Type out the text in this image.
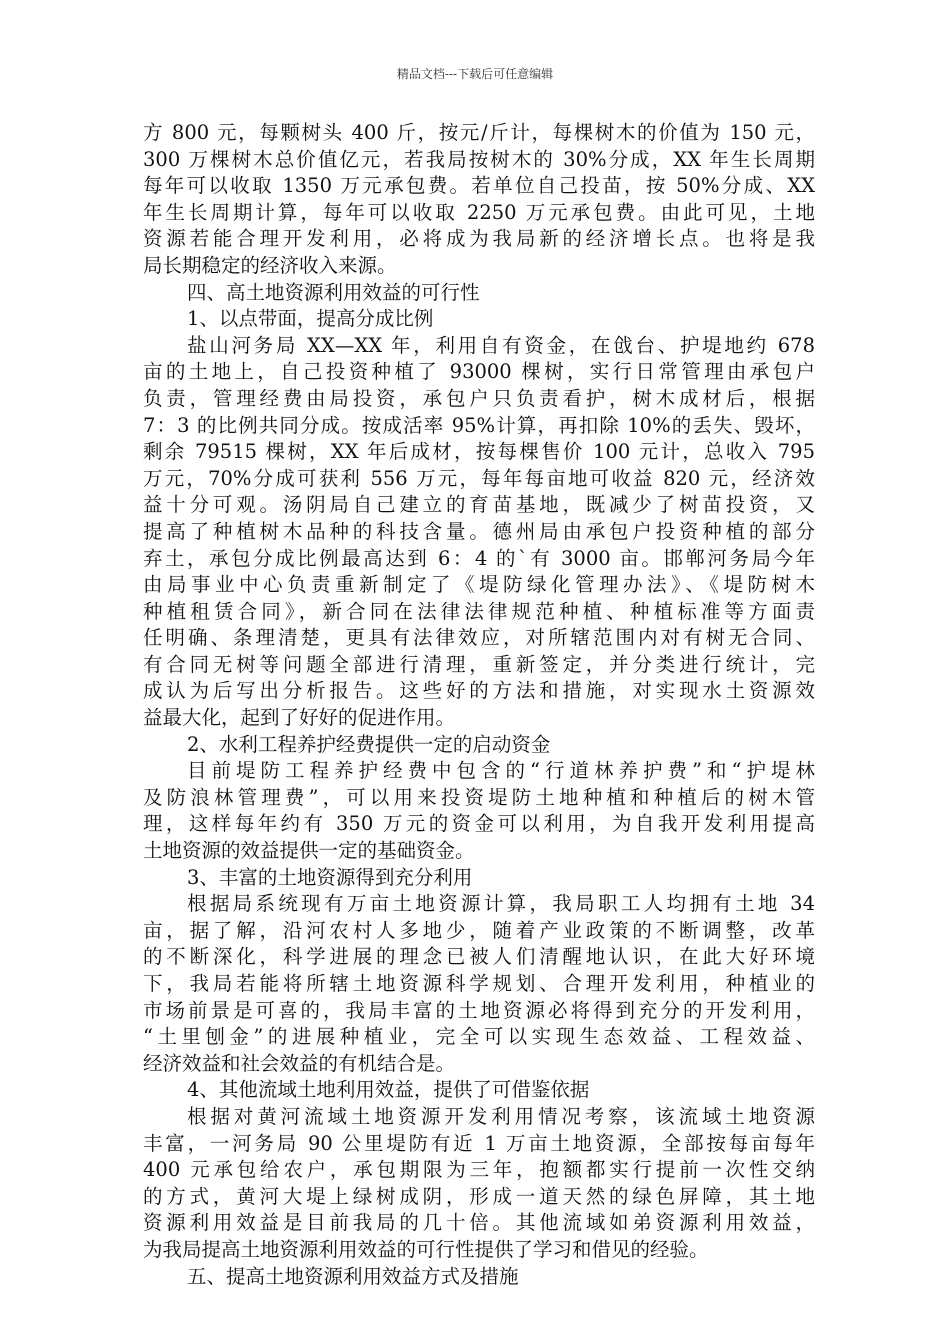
精品文档---下载后可任意编辑
方 800 元，每颗树头 400 斤，按元/斤计，每棵树木的价值为 150 元，
300 万棵树木总价值亿元，若我局按树木的 30%分成，XX 年生长周期
每年可以收取 1350 万元承包费。若单位自己投苗，按 50%分成、XX
年生长周期计算，每年可以收取 2250 万元承包费。由此可见，土地
资源若能合理开发利用，必将成为我局新的经济增长点。也将是我
局长期稳定的经济收入来源。
四、高土地资源利用效益的可行性
1、以点带面，提高分成比例
盐山河务局 XX—XX 年，利用自有资金，在戗台、护堤地约 678
亩的土地上，自己投资种植了 93000 棵树，实行日常管理由承包户
负责，管理经费由局投资，承包户只负责看护，树木成材后，根据
7：3 的比例共同分成。按成活率 95%计算，再扣除 10%的丢失、毁坏，
剩余 79515 棵树，XX 年后成材，按每棵售价 100 元计，总收入 795
万元，70%分成可获利 556 万元，每年每亩地可收益 820 元，经济效
益十分可观。汤阴局自己建立的育苗基地，既减少了树苗投资，又
提高了种植树木品种的科技含量。德州局由承包户投资种植的部分
弃土，承包分成比例最高达到 6：4 的`有 3000 亩。邯郸河务局今年
由局事业中心负责重新制定了《堤防绿化管理办法》、《堤防树木
种植租赁合同》，新合同在法律法律规范种植、种植标准等方面责
任明确、条理清楚，更具有法律效应，对所辖范围内对有树无合同、
有合同无树等问题全部进行清理，重新签定，并分类进行统计，完
成认为后写出分析报告。这些好的方法和措施，对实现水土资源效
益最大化，起到了好好的促进作用。
2、水利工程养护经费提供一定的启动资金
目前堤防工程养护经费中包含的“行道林养护费”和“护堤林
及防浪林管理费”，可以用来投资堤防土地种植和种植后的树木管
理，这样每年约有 350 万元的资金可以利用，为自我开发利用提高
土地资源的效益提供一定的基础资金。
3、丰富的土地资源得到充分利用
根据局系统现有万亩土地资源计算，我局职工人均拥有土地 34
亩，据了解，沿河农村人多地少，随着产业政策的不断调整，改革
的不断深化，科学进展的理念已被人们清醒地认识，在此大好环境
下，我局若能将所辖土地资源科学规划、合理开发利用，种植业的
市场前景是可喜的，我局丰富的土地资源必将得到充分的开发利用，
“土里刨金”的进展种植业，完全可以实现生态效益、工程效益、
经济效益和社会效益的有机结合是。
4、其他流域土地利用效益，提供了可借鉴依据
根据对黄河流域土地资源开发利用情况考察，该流域土地资源
丰富，一河务局 90 公里堤防有近 1 万亩土地资源，全部按每亩每年
400 元承包给农户，承包期限为三年，抱额都实行提前一次性交纳
的方式，黄河大堤上绿树成阴，形成一道天然的绿色屏障，其土地
资源利用效益是目前我局的几十倍。其他流域如弟资源利用效益，
为我局提高土地资源利用效益的可行性提供了学习和借见的经验。
五、提高土地资源利用效益方式及措施
